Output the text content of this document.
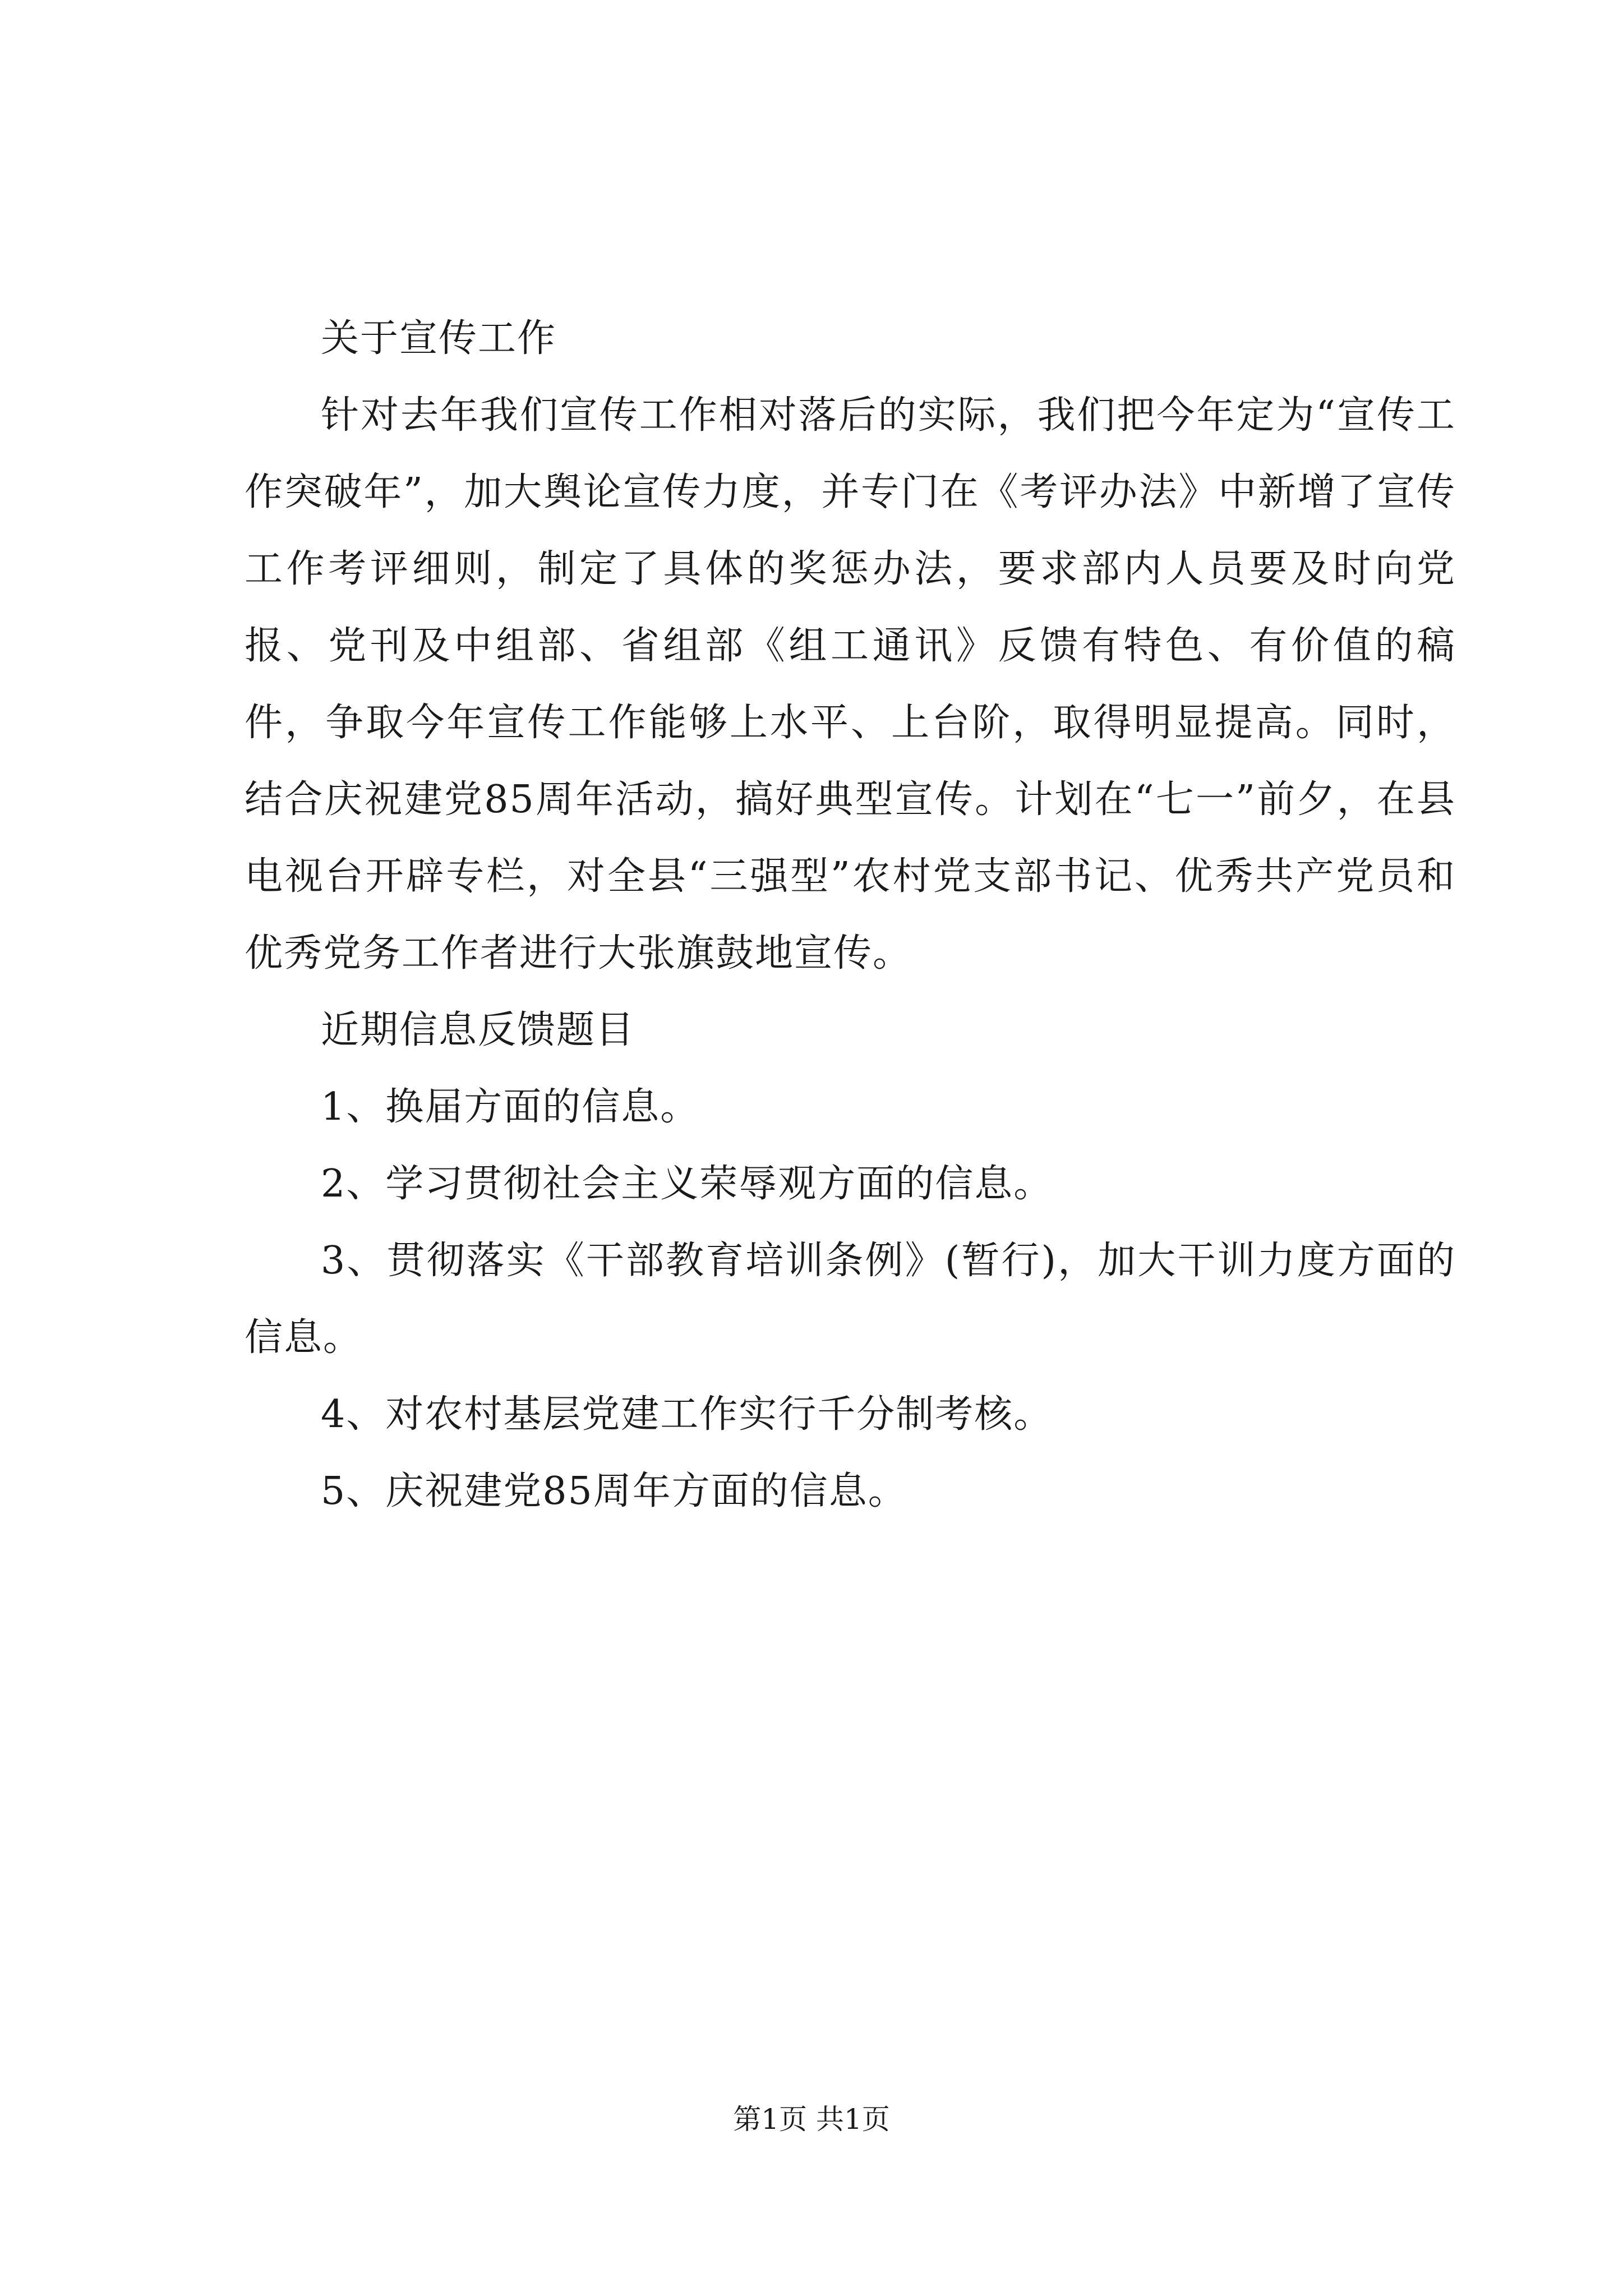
关于宣传工作

针对去年我们宣传工作相对落后的实际，我们把今年定为“宣传工作突破年”，加大舆论宣传力度，并专门在《考评办法》中新增了宣传工作考评细则，制定了具体的奖惩办法，要求部内人员要及时向党报、党刊及中组部、省组部《组工通讯》反馈有特色、有价值的稿件，争取今年宣传工作能够上水平、上台阶，取得明显提高。同时，结合庆祝建党85周年活动，搞好典型宣传。计划在“七一”前夕，在县电视台开辟专栏，对全县“三强型”农村党支部书记、优秀共产党员和优秀党务工作者进行大张旗鼓地宣传。

近期信息反馈题目

1、换届方面的信息。

2、学习贯彻社会主义荣辱观方面的信息。

3、贯彻落实《干部教育培训条例》(暂行)，加大干训力度方面的信息。

4、对农村基层党建工作实行千分制考核。

5、庆祝建党85周年方面的信息。

第1页 共1页
